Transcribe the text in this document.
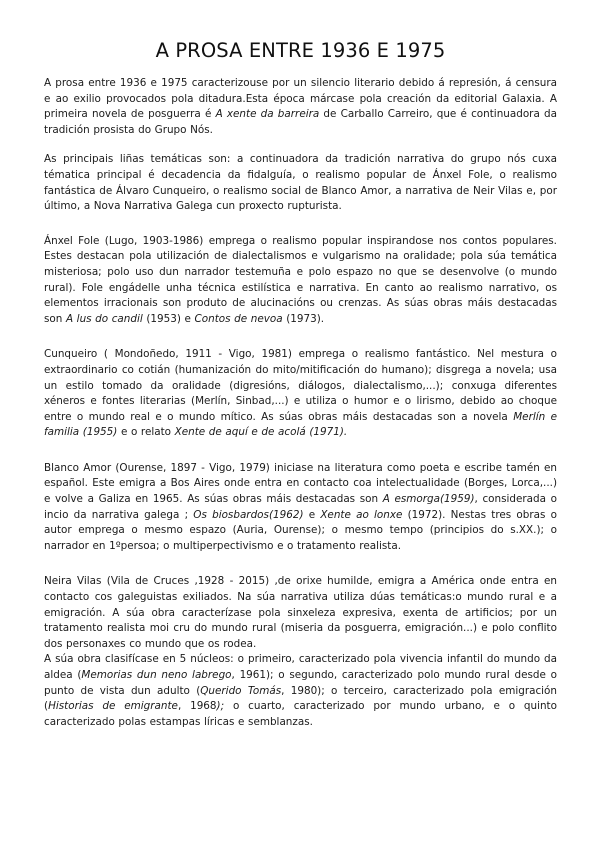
A PROSA ENTRE 1936 E 1975

A prosa entre 1936 e 1975 caracterizouse por un silencio literario debido á represión, á censura e ao exilio provocados pola ditadura.Esta época márcase pola creación da editorial Galaxia. A primeira novela de posguerra é A xente da barreira de Carballo Carreiro, que é continuadora da tradición prosista do Grupo Nós.

As principais liñas temáticas son: a continuadora da tradición narrativa do grupo nós cuxa tématica principal é decadencia da fidalguía, o realismo popular de Ánxel Fole, o realismo fantástica de Álvaro Cunqueiro, o realismo social de Blanco Amor, a narrativa de Neir Vilas e, por último, a Nova Narrativa Galega cun proxecto rupturista.

Ánxel Fole (Lugo, 1903-1986) emprega o realismo popular inspirandose nos contos populares. Estes destacan pola utilización de dialectalismos e vulgarismo na oralidade; pola súa temática misteriosa; polo uso dun narrador testemuña e polo espazo no que se desenvolve (o mundo rural). Fole engádelle unha técnica estilística e narrativa. En canto ao realismo narrativo, os elementos irracionais son produto de alucinacións ou crenzas. As súas obras máis destacadas son A lus do candil (1953) e Contos de nevoa (1973).

Cunqueiro ( Mondoñedo, 1911 - Vigo, 1981) emprega o realismo fantástico. Nel mestura o extraordinario co cotián (humanización do mito/mitificación do humano); disgrega a novela; usa un estilo tomado da oralidade (digresións, diálogos, dialectalismo,...); conxuga diferentes xéneros e fontes literarias (Merlín, Sinbad,...) e utiliza o humor e o lirismo, debido ao choque entre o mundo real e o mundo mítico. As súas obras máis destacadas son a novela Merlín e familia (1955) e o relato Xente de aquí e de acolá (1971).

Blanco Amor (Ourense, 1897 - Vigo, 1979) iniciase na literatura como poeta e escribe tamén en español. Este emigra a Bos Aires onde entra en contacto coa intelectualidade (Borges, Lorca,...) e volve a Galiza en 1965. As súas obras máis destacadas son A esmorga(1959), considerada o incio da narrativa galega ; Os biosbardos(1962) e Xente ao lonxe (1972). Nestas tres obras o autor emprega o mesmo espazo (Auria, Ourense); o mesmo tempo (principios do s.XX.); o narrador en 1ºpersoa; o multiperpectivismo e o tratamento realista.

Neira Vilas (Vila de Cruces ,1928 - 2015) ,de orixe humilde, emigra a América onde entra en contacto cos galeguistas exiliados. Na súa narrativa utiliza dúas temáticas:o mundo rural e a emigración. A súa obra caracterízase pola sinxeleza expresiva, exenta de artificios; por un tratamento realista moi cru do mundo rural (miseria da posguerra, emigración...) e polo conflito dos personaxes co mundo que os rodea.

A súa obra clasifícase en 5 núcleos: o primeiro, caracterizado pola vivencia infantil do mundo da aldea (Memorias dun neno labrego, 1961); o segundo, caracterizado polo mundo rural desde o punto de vista dun adulto (Querido Tomás, 1980); o terceiro, caracterizado pola emigración (Historias de emigrante, 1968); o cuarto, caracterizado por mundo urbano, e o quinto caracterizado polas estampas líricas e semblanzas.
